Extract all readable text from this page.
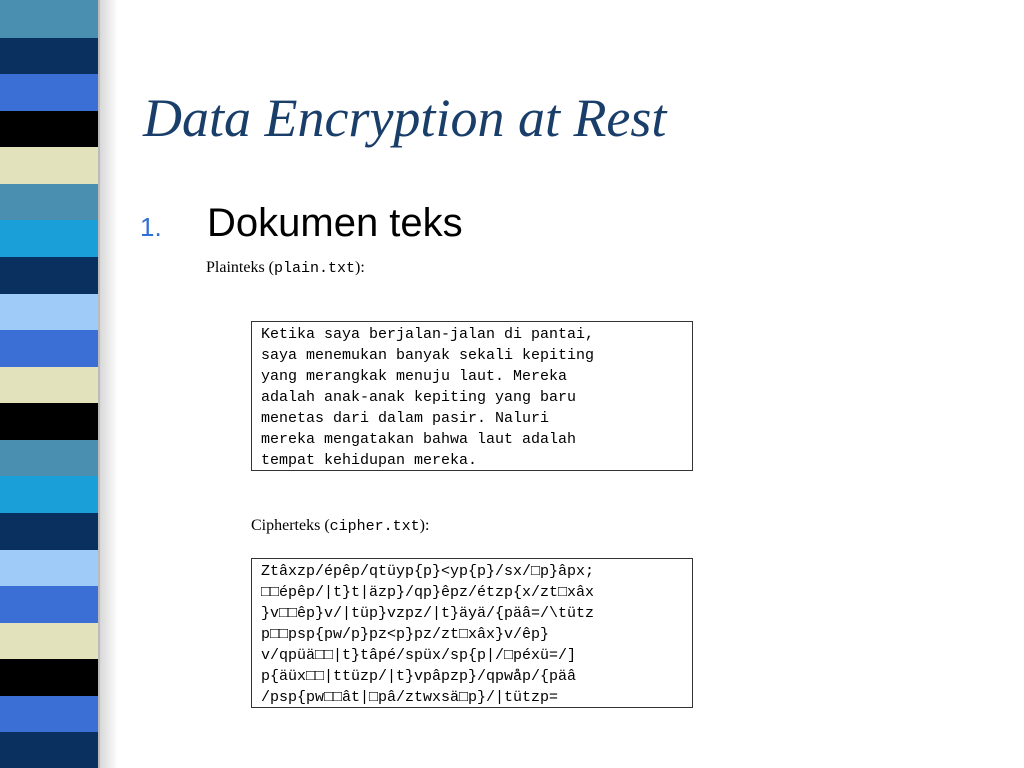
Data Encryption at Rest
1. Dokumen teks
Plainteks (plain.txt):
Ketika saya berjalan-jalan di pantai,
saya menemukan banyak sekali kepiting
yang merangkak menuju laut. Mereka
adalah anak-anak kepiting yang baru
menetas dari dalam pasir. Naluri
mereka mengatakan bahwa laut adalah
tempat kehidupan mereka.
Cipherteks (cipher.txt):
Ztâxzp/épêp/qtüyp{p}<yp{p}/sx/□p}âpx;
□□épêp/|t}t|äzp}/qp}êpz/étzp{x/zt□xâx
}v□□êp}v/|tüp}vzpz/|t}äyä/{päâ=/\tütz
p□□psp{pw/p}pz<p}pz/zt□xâx}v/êp}
v/qpüä□□|t}tâpé/spüx/sp{p|/□péxü=/]
p{äüx□□|ttüzp/|t}vpâpzp}/qpwåp/{päâ
/psp{pw□□ât|□pâ/ztwxsä□p}/|tützp=
